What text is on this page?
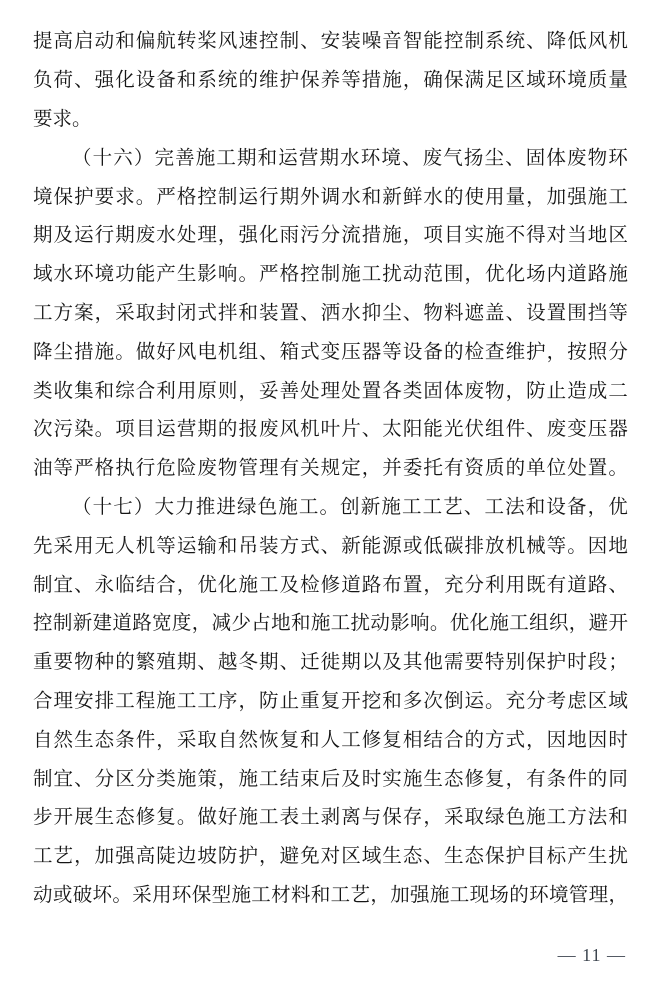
提 高 启 动 和 偏 航 转 桨 风 速 控 制 、 安 装 噪 音 智 能 控 制 系 统 、 降 低 风 机
负 荷 、 强 化 设 备 和 系 统 的 维 护 保 养 等 措 施 ， 确 保 满 足 区 域 环 境 质 量
要求。
（ 十 六 ） 完 善 施 工 期 和 运 营 期 水 环 境 、 废 气 扬 尘 、 固 体 废 物 环
境 保 护 要 求 。 严 格 控 制 运 行 期 外 调 水 和 新 鲜 水 的 使 用 量 ， 加 强 施 工
期 及 运 行 期 废 水 处 理 ， 强 化 雨 污 分 流 措 施 ， 项 目 实 施 不 得 对 当 地 区
域 水 环 境 功 能 产 生 影 响 。 严 格 控 制 施 工 扰 动 范 围 ， 优 化 场 内 道 路 施
工 方 案 ， 采 取 封 闭 式 拌 和 装 置 、 洒 水 抑 尘 、 物 料 遮 盖 、 设 置 围 挡 等
降 尘 措 施 。 做 好 风 电 机 组 、 箱 式 变 压 器 等 设 备 的 检 查 维 护 ， 按 照 分
类 收 集 和 综 合 利 用 原 则 ， 妥 善 处 理 处 置 各 类 固 体 废 物 ， 防 止 造 成 二
次 污 染 。 项 目 运 营 期 的 报 废 风 机 叶 片 、 太 阳 能 光 伏 组 件 、 废 变 压 器
油 等 严 格 执 行 危 险 废 物 管 理 有 关 规 定 ， 并 委 托 有 资 质 的 单 位 处 置 。
（ 十 七 ） 大 力 推 进 绿 色 施 工 。 创 新 施 工 工 艺 、 工 法 和 设 备 ， 优
先 采 用 无 人 机 等 运 输 和 吊 装 方 式 、 新 能 源 或 低 碳 排 放 机 械 等 。 因 地
制 宜 、 永 临 结 合 ， 优 化 施 工 及 检 修 道 路 布 置 ， 充 分 利 用 既 有 道 路 、
控 制 新 建 道 路 宽 度 ， 减 少 占 地 和 施 工 扰 动 影 响 。 优 化 施 工 组 织 ， 避 开
重 要 物 种 的 繁 殖 期 、 越 冬 期 、 迁 徙 期 以 及 其 他 需 要 特 别 保 护 时 段 ；
合 理 安 排 工 程 施 工 工 序 ， 防 止 重 复 开 挖 和 多 次 倒 运 。 充 分 考 虑 区 域
自 然 生 态 条 件 ， 采 取 自 然 恢 复 和 人 工 修 复 相 结 合 的 方 式 ， 因 地 因 时
制 宜 、 分 区 分 类 施 策 ， 施 工 结 束 后 及 时 实 施 生 态 修 复 ， 有 条 件 的 同
步 开 展 生 态 修 复 。 做 好 施 工 表 土 剥 离 与 保 存 ， 采 取 绿 色 施 工 方 法 和
工 艺 ， 加 强 高 陡 边 坡 防 护 ， 避 免 对 区 域 生 态 、 生 态 保 护 目 标 产 生 扰
动 或 破 坏 。 采 用 环 保 型 施 工 材 料 和 工 艺 ， 加 强 施 工 现 场 的 环 境 管 理 ，
— 11 —
